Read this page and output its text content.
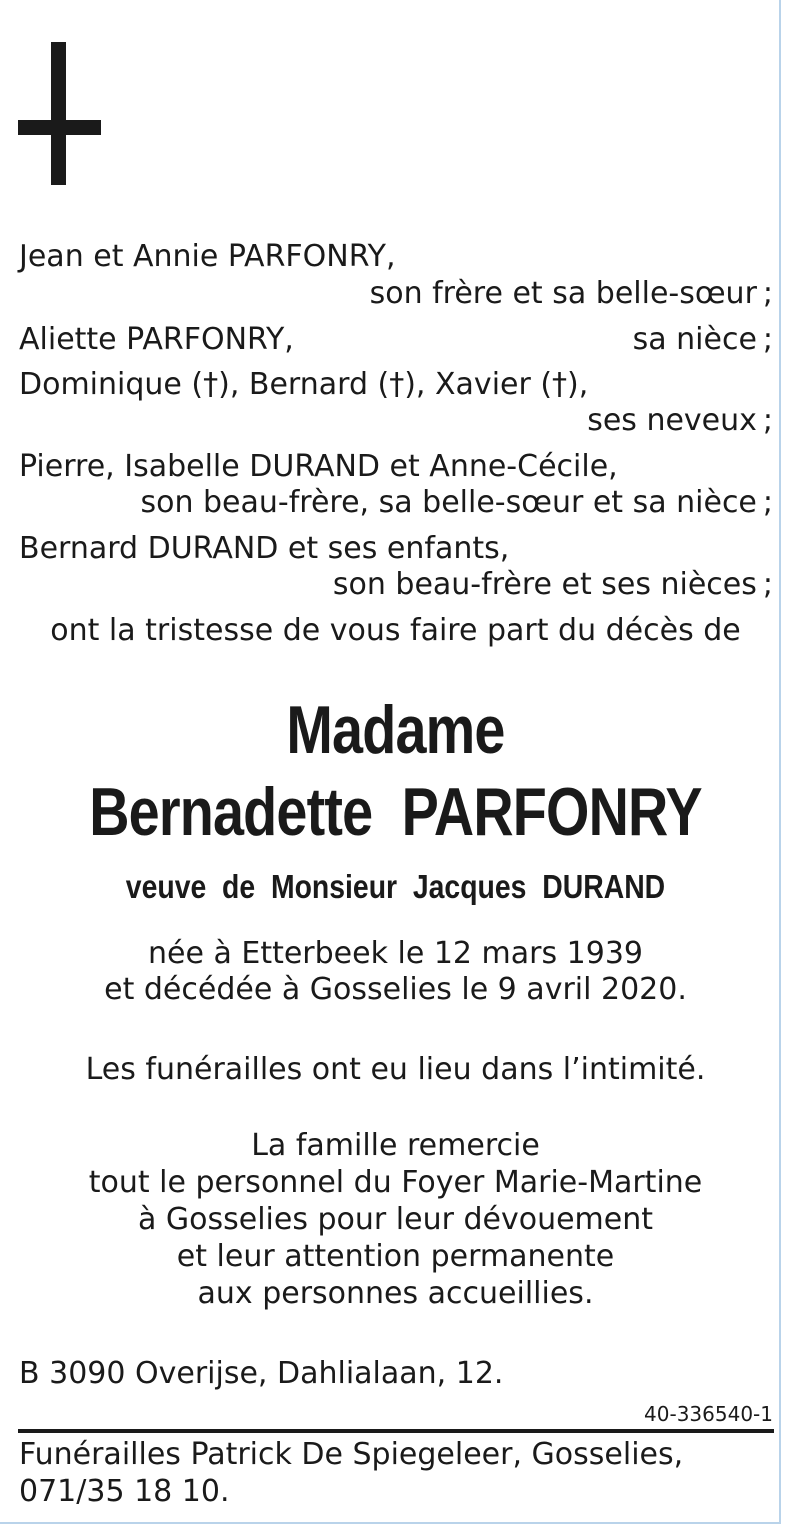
Jean et Annie PARFONRY,
son frère et sa belle-sœur ;
Aliette PARFONRY,	sa nièce ;
Dominique (†), Bernard (†), Xavier (†),
ses neveux ;
Pierre, Isabelle DURAND et Anne-Cécile,
son beau-frère, sa belle-sœur et sa nièce ;
Bernard DURAND et ses enfants,
son beau-frère et ses nièces ;
ont la tristesse de vous faire part du décès de
Madame
Bernadette  PARFONRY
veuve  de  Monsieur  Jacques  DURAND
née à Etterbeek le 12 mars 1939
et décédée à Gosselies le 9 avril 2020.
Les funérailles ont eu lieu dans l’intimité.
La famille remercie
tout le personnel du Foyer Marie-Martine
à Gosselies pour leur dévouement
et leur attention permanente
aux personnes accueillies.
B 3090 Overijse, Dahlialaan, 12.
40-336540-1
Funérailles Patrick De Spiegeleer, Gosselies,
071/35 18 10.
